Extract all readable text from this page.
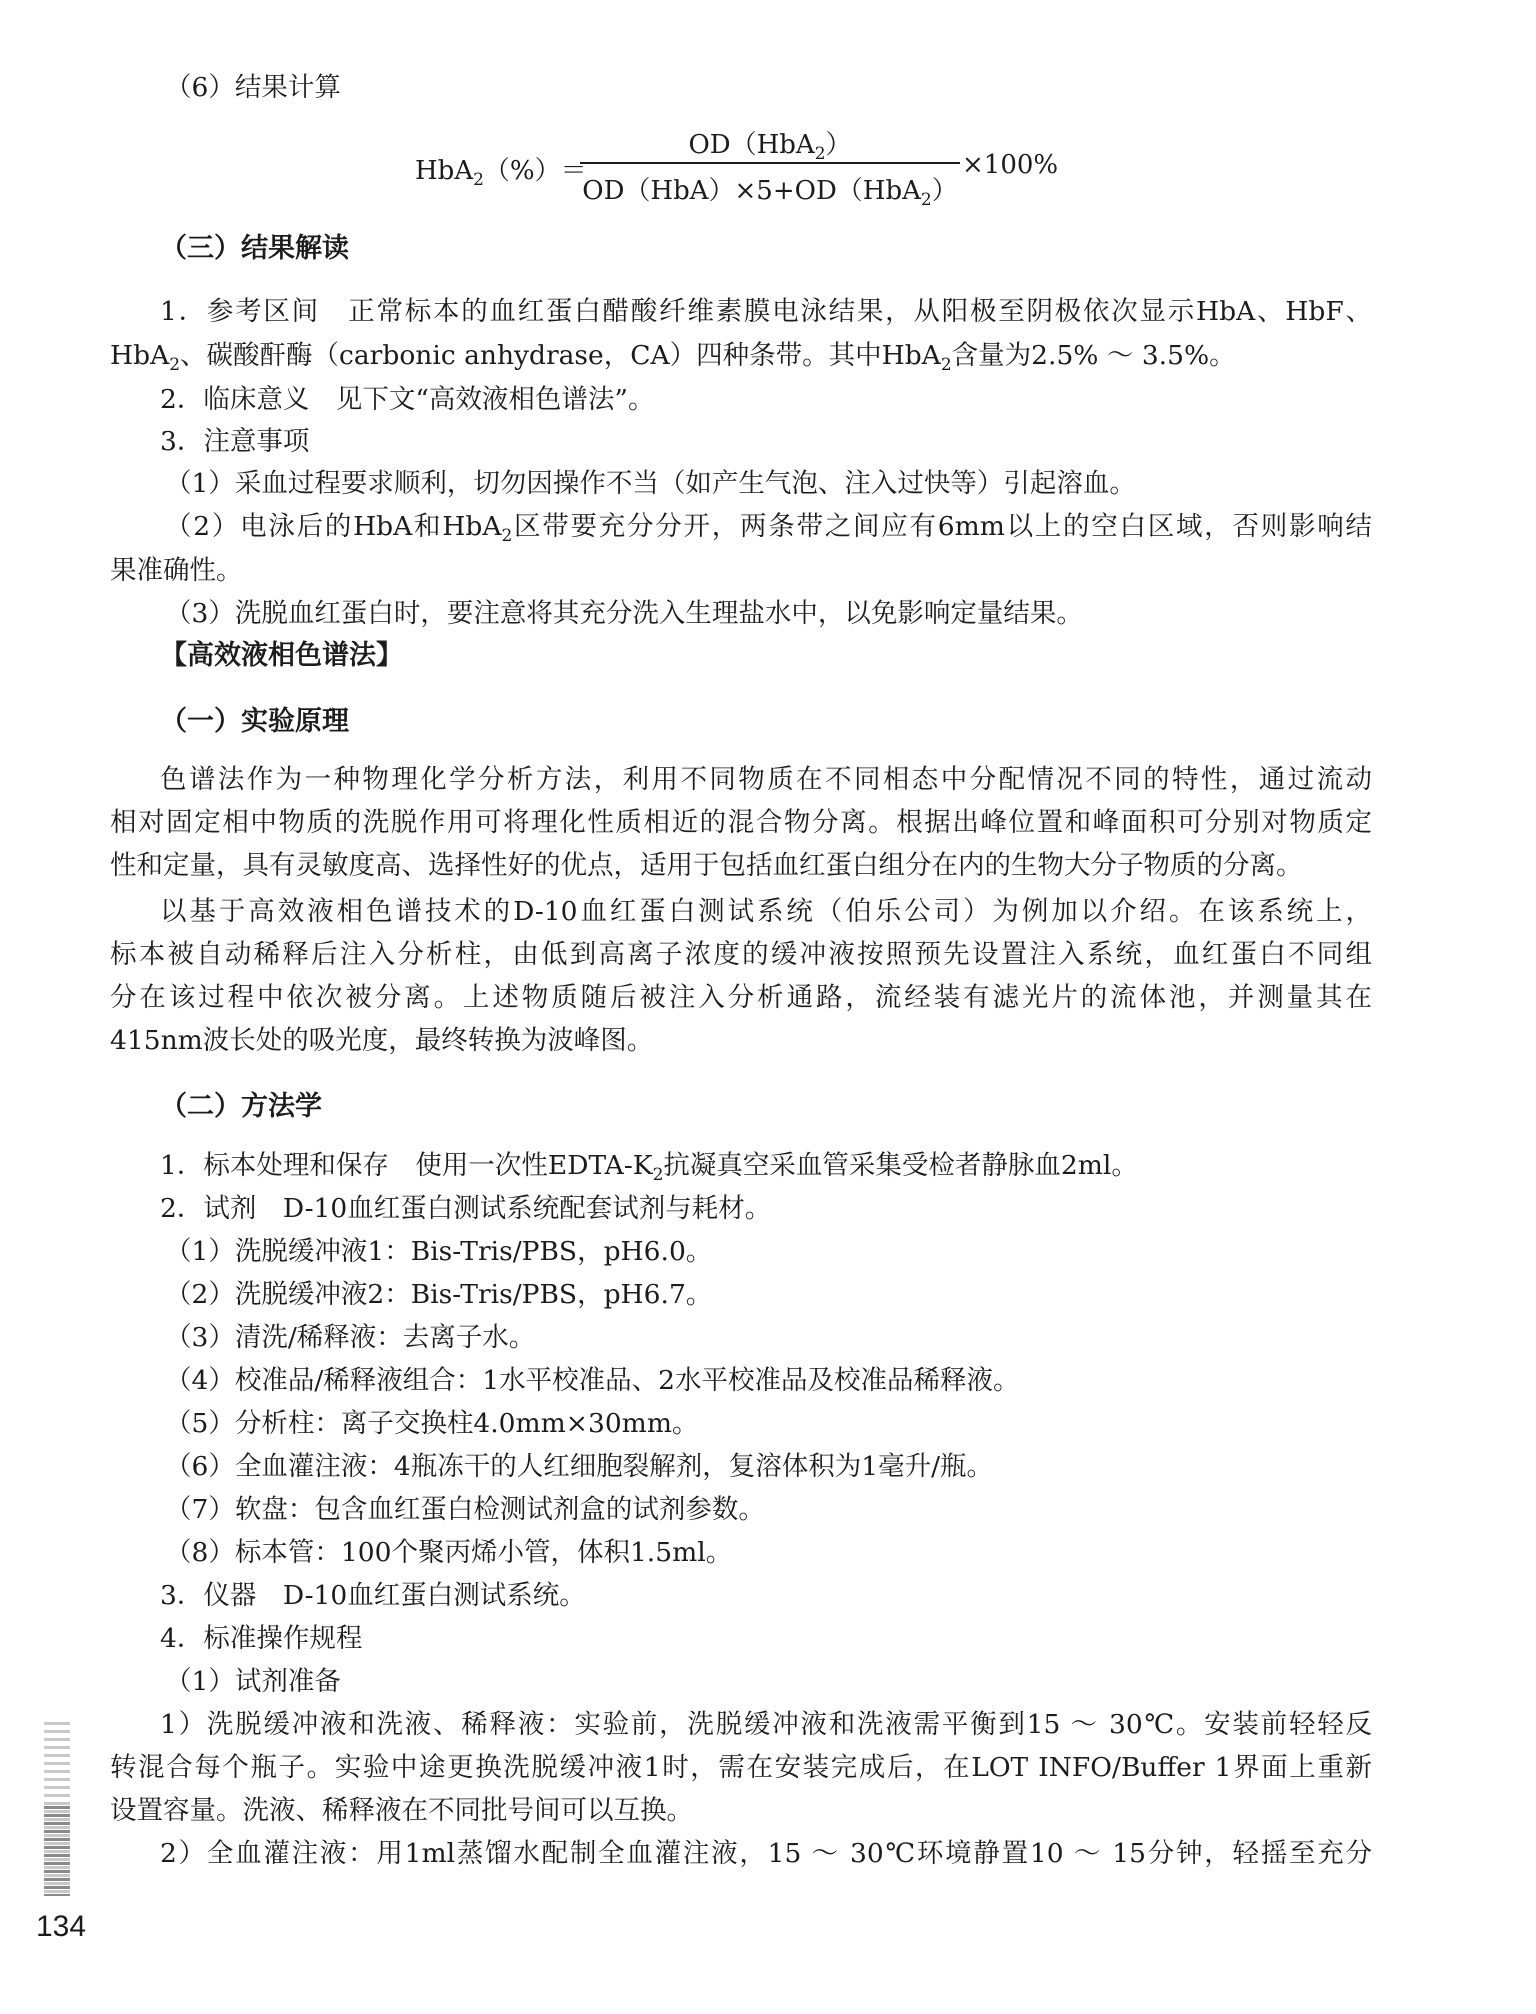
（6）结果计算
HbA$_2$（%）＝
OD（HbA$_2$）
OD（HbA）×5+OD（HbA$_2$）
×100%
（三）结果解读
1．参考区间　正常标本的血红蛋白醋酸纤维素膜电泳结果，从阳极至阴极依次显示HbA、HbF、
HbA$_2$、碳酸酐酶（carbonic anhydrase，CA）四种条带。其中HbA$_2$含量为2.5% ～ 3.5%。
2．临床意义　见下文“高效液相色谱法”。
3．注意事项
（1）采血过程要求顺利，切勿因操作不当（如产生气泡、注入过快等）引起溶血。
（2）电泳后的HbA和HbA$_2$区带要充分分开，两条带之间应有6mm以上的空白区域，否则影响结
果准确性。
（3）洗脱血红蛋白时，要注意将其充分洗入生理盐水中，以免影响定量结果。
【高效液相色谱法】
（一）实验原理
色谱法作为一种物理化学分析方法，利用不同物质在不同相态中分配情况不同的特性，通过流动
相对固定相中物质的洗脱作用可将理化性质相近的混合物分离。根据出峰位置和峰面积可分别对物质定
性和定量，具有灵敏度高、选择性好的优点，适用于包括血红蛋白组分在内的生物大分子物质的分离。
以基于高效液相色谱技术的D-10血红蛋白测试系统（伯乐公司）为例加以介绍。在该系统上，
标本被自动稀释后注入分析柱，由低到高离子浓度的缓冲液按照预先设置注入系统，血红蛋白不同组
分在该过程中依次被分离。上述物质随后被注入分析通路，流经装有滤光片的流体池，并测量其在
415nm波长处的吸光度，最终转换为波峰图。
（二）方法学
1．标本处理和保存　使用一次性EDTA-$K_2$抗凝真空采血管采集受检者静脉血2ml。
2．试剂　D-10血红蛋白测试系统配套试剂与耗材。
（1）洗脱缓冲液1：Bis-Tris/PBS，pH6.0。
（2）洗脱缓冲液2：Bis-Tris/PBS，pH6.7。
（3）清洗/稀释液：去离子水。
（4）校准品/稀释液组合：1水平校准品、2水平校准品及校准品稀释液。
（5）分析柱：离子交换柱4.0mm×30mm。
（6）全血灌注液：4瓶冻干的人红细胞裂解剂，复溶体积为1毫升/瓶。
（7）软盘：包含血红蛋白检测试剂盒的试剂参数。
（8）标本管：100个聚丙烯小管，体积1.5ml。
3．仪器　D-10血红蛋白测试系统。
4．标准操作规程
（1）试剂准备
1）洗脱缓冲液和洗液、稀释液：实验前，洗脱缓冲液和洗液需平衡到15 ～ 30℃。安装前轻轻反
转混合每个瓶子。实验中途更换洗脱缓冲液1时，需在安装完成后，在LOT INFO/Buffer 1界面上重新
设置容量。洗液、稀释液在不同批号间可以互换。
2）全血灌注液：用1ml蒸馏水配制全血灌注液，15 ～ 30℃环境静置10 ～ 15分钟，轻摇至充分
134
